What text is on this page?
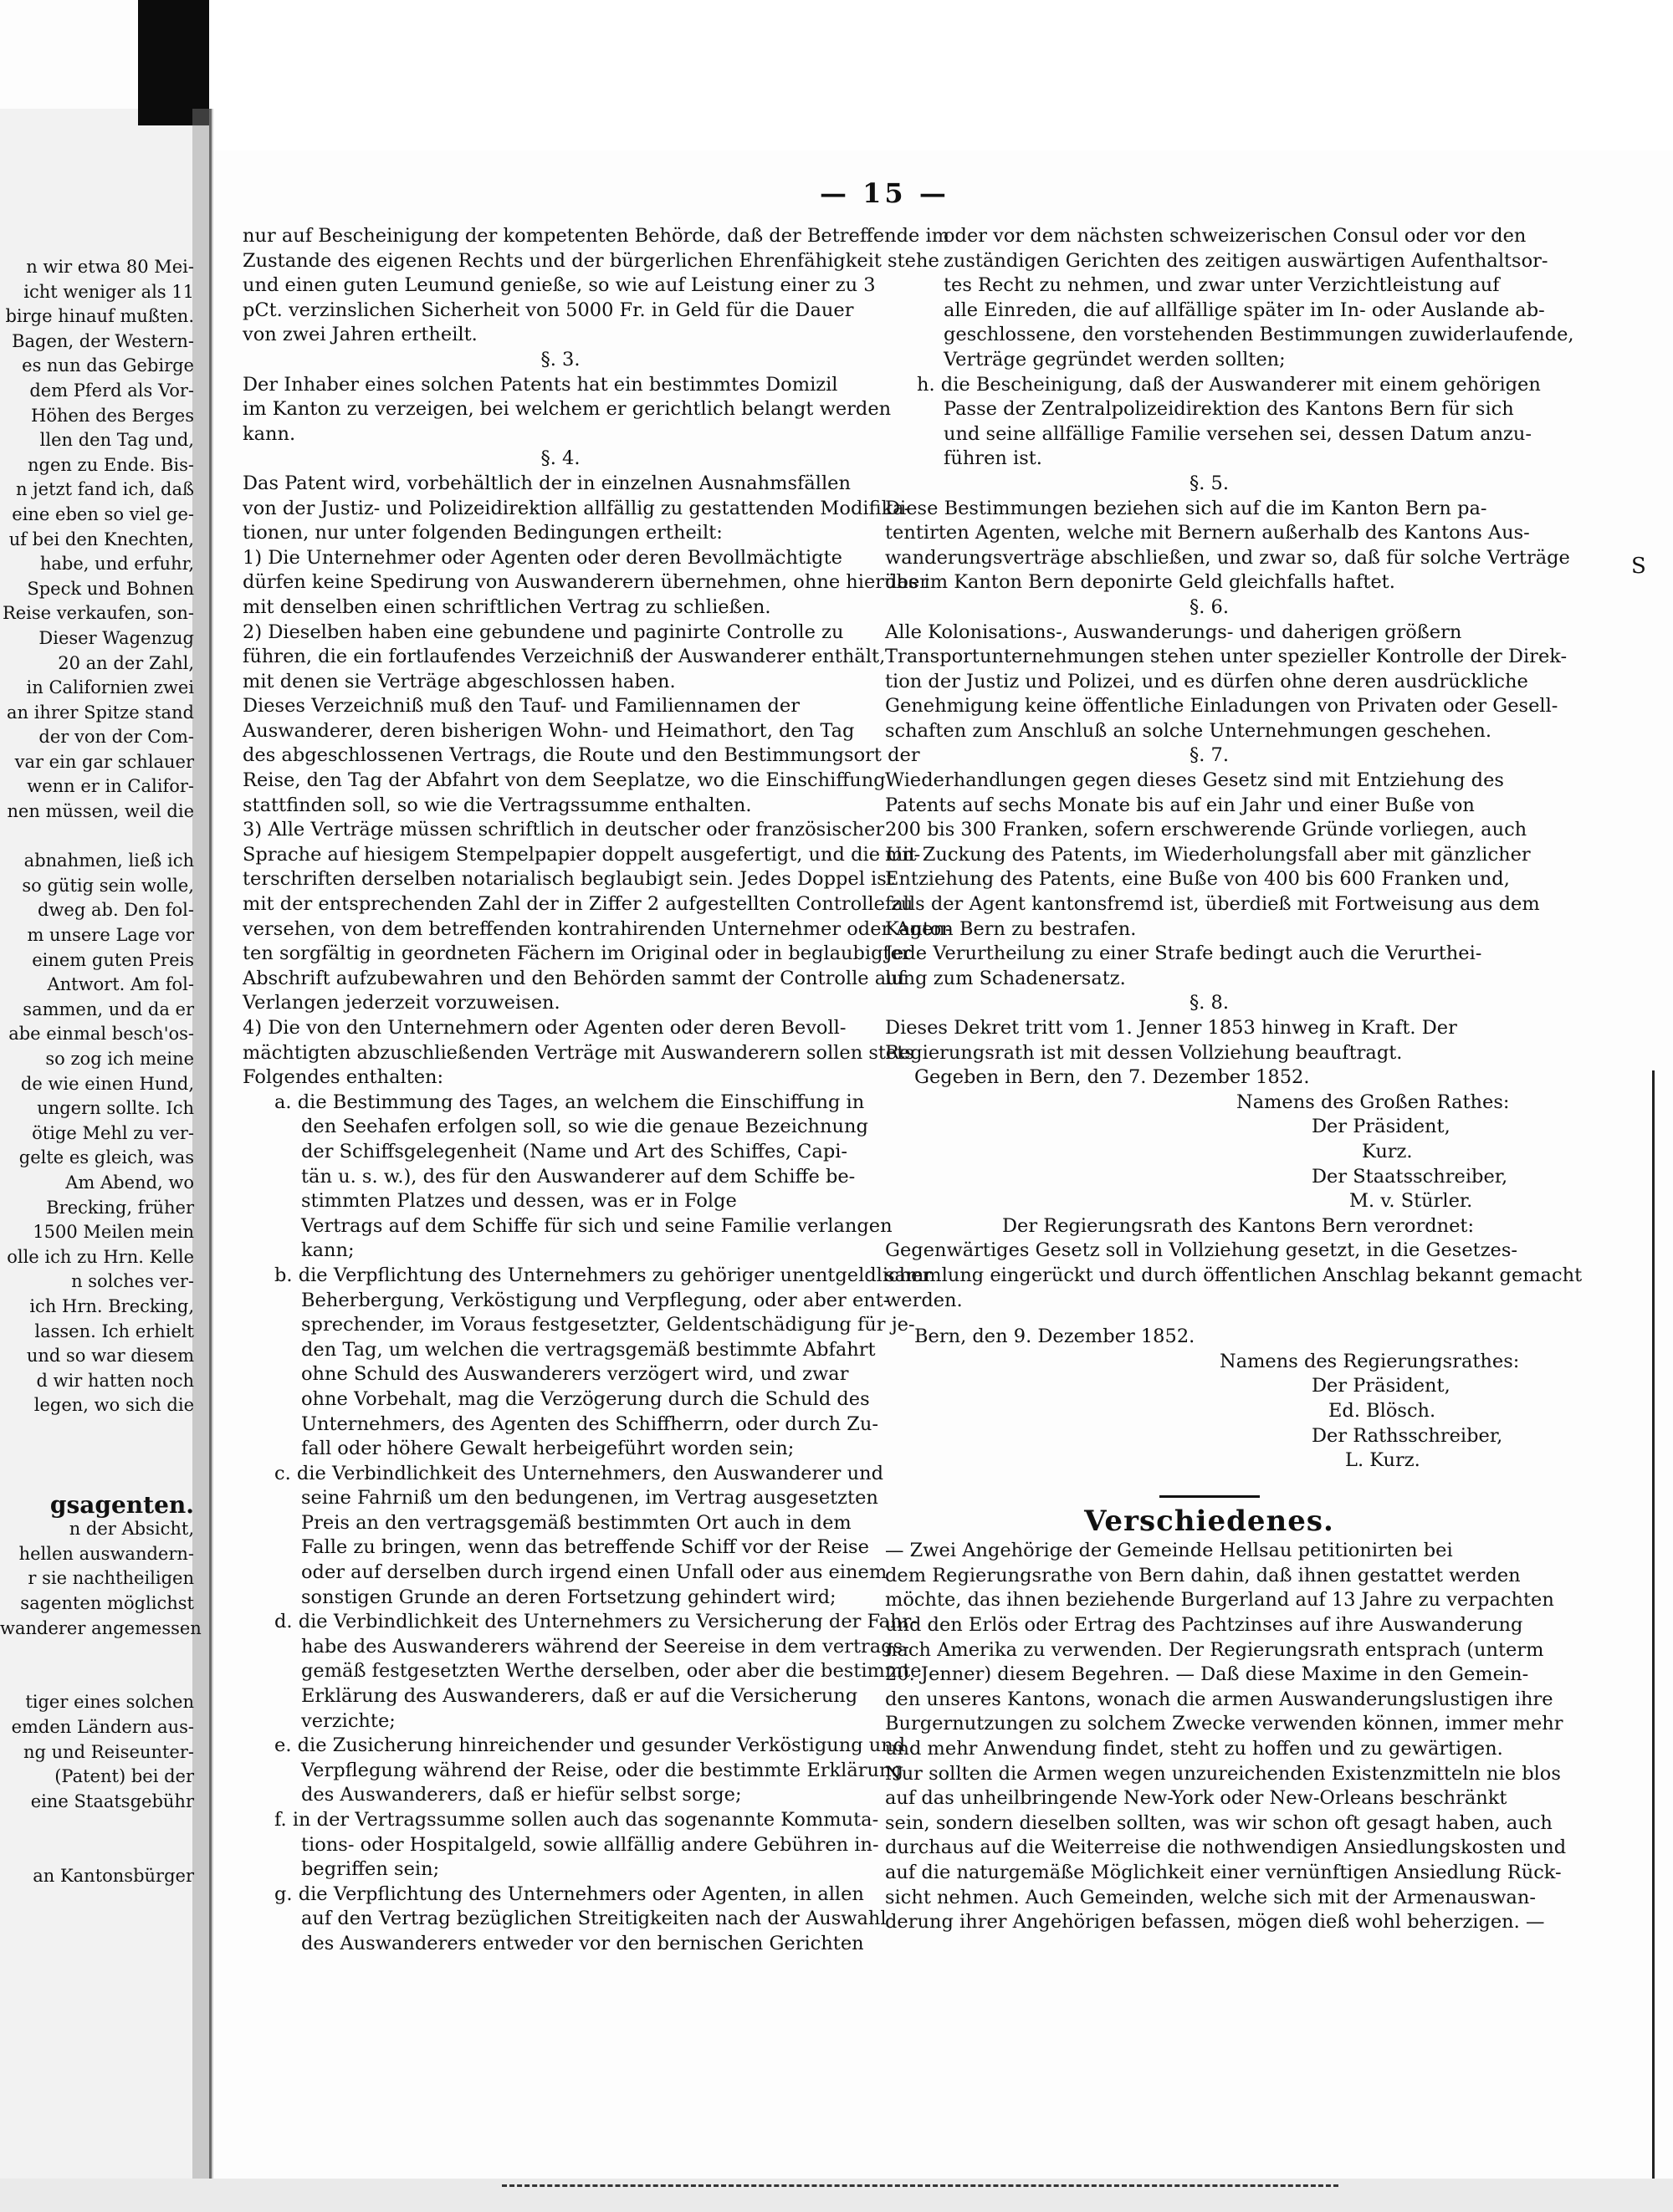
— 15 —
S
n wir etwa 80 Mei-
icht weniger als 11
birge hinauf mußten.
Bagen, der Western-
es nun das Gebirge
dem Pferd als Vor-
Höhen des Berges
llen den Tag und,
ngen zu Ende. Bis-
n jetzt fand ich, daß
eine eben so viel ge-
uf bei den Knechten,
habe, und erfuhr,
Speck und Bohnen
Reise verkaufen, son-
Dieser Wagenzug
20 an der Zahl,
in Californien zwei
an ihrer Spitze stand
der von der Com-
var ein gar schlauer
wenn er in Califor-
nen müssen, weil die

abnahmen, ließ ich
so gütig sein wolle,
dweg ab. Den fol-
m unsere Lage vor
einem guten Preis
Antwort. Am fol-
sammen, und da er
abe einmal besch'os-
so zog ich meine
de wie einen Hund,
ungern sollte. Ich
ötige Mehl zu ver-
gelte es gleich, was
Am Abend, wo
Brecking, früher
1500 Meilen mein
olle ich zu Hrn. Kelle
n solches ver-
ich Hrn. Brecking,
lassen. Ich erhielt
und so war diesem
d wir hatten noch
legen, wo sich die

gsagenten.
n der Absicht,
hellen auswandern-
r sie nachtheiligen
sagenten möglichst
wanderer angemessen

tiger eines solchen
emden Ländern aus-
ng und Reiseunter-
(Patent) bei der
eine Staatsgebühr

an Kantonsbürger
nur auf Bescheinigung der kompetenten Behörde, daß der Betreffende im
Zustande des eigenen Rechts und der bürgerlichen Ehrenfähigkeit stehe
und einen guten Leumund genieße, so wie auf Leistung einer zu 3
pCt. verzinslichen Sicherheit von 5000 Fr. in Geld für die Dauer
von zwei Jahren ertheilt.
§. 3.
Der Inhaber eines solchen Patents hat ein bestimmtes Domizil
im Kanton zu verzeigen, bei welchem er gerichtlich belangt werden
kann.
§. 4.
Das Patent wird, vorbehältlich der in einzelnen Ausnahmsfällen
von der Justiz- und Polizeidirektion allfällig zu gestattenden Modifika-
tionen, nur unter folgenden Bedingungen ertheilt:
1) Die Unternehmer oder Agenten oder deren Bevollmächtigte
dürfen keine Spedirung von Auswanderern übernehmen, ohne hierüber
mit denselben einen schriftlichen Vertrag zu schließen.
2) Dieselben haben eine gebundene und paginirte Controlle zu
führen, die ein fortlaufendes Verzeichniß der Auswanderer enthält,
mit denen sie Verträge abgeschlossen haben.
Dieses Verzeichniß muß den Tauf- und Familiennamen der
Auswanderer, deren bisherigen Wohn- und Heimathort, den Tag
des abgeschlossenen Vertrags, die Route und den Bestimmungsort der
Reise, den Tag der Abfahrt von dem Seeplatze, wo die Einschiffung
stattfinden soll, so wie die Vertragssumme enthalten.
3) Alle Verträge müssen schriftlich in deutscher oder französischer
Sprache auf hiesigem Stempelpapier doppelt ausgefertigt, und die Un-
terschriften derselben notarialisch beglaubigt sein. Jedes Doppel ist
mit der entsprechenden Zahl der in Ziffer 2 aufgestellten Controlle zu
versehen, von dem betreffenden kontrahirenden Unternehmer oder Agen-
ten sorgfältig in geordneten Fächern im Original oder in beglaubigter
Abschrift aufzubewahren und den Behörden sammt der Controlle auf
Verlangen jederzeit vorzuweisen.
4) Die von den Unternehmern oder Agenten oder deren Bevoll-
mächtigten abzuschließenden Verträge mit Auswanderern sollen stets
Folgendes enthalten:
a. die Bestimmung des Tages, an welchem die Einschiffung in
den Seehafen erfolgen soll, so wie die genaue Bezeichnung
der Schiffsgelegenheit (Name und Art des Schiffes, Capi-
tän u. s. w.), des für den Auswanderer auf dem Schiffe be-
stimmten Platzes und dessen, was er in Folge
Vertrags auf dem Schiffe für sich und seine Familie verlangen
kann;
b. die Verpflichtung des Unternehmers zu gehöriger unentgeldlicher
Beherbergung, Verköstigung und Verpflegung, oder aber ent-
sprechender, im Voraus festgesetzter, Geldentschädigung für je-
den Tag, um welchen die vertragsgemäß bestimmte Abfahrt
ohne Schuld des Auswanderers verzögert wird, und zwar
ohne Vorbehalt, mag die Verzögerung durch die Schuld des
Unternehmers, des Agenten des Schiffherrn, oder durch Zu-
fall oder höhere Gewalt herbeigeführt worden sein;
c. die Verbindlichkeit des Unternehmers, den Auswanderer und
seine Fahrniß um den bedungenen, im Vertrag ausgesetzten
Preis an den vertragsgemäß bestimmten Ort auch in dem
Falle zu bringen, wenn das betreffende Schiff vor der Reise
oder auf derselben durch irgend einen Unfall oder aus einem
sonstigen Grunde an deren Fortsetzung gehindert wird;
d. die Verbindlichkeit des Unternehmers zu Versicherung der Fahr-
habe des Auswanderers während der Seereise in dem vertrags-
gemäß festgesetzten Werthe derselben, oder aber die bestimmte
Erklärung des Auswanderers, daß er auf die Versicherung
verzichte;
e. die Zusicherung hinreichender und gesunder Verköstigung und
Verpflegung während der Reise, oder die bestimmte Erklärung
des Auswanderers, daß er hiefür selbst sorge;
f. in der Vertragssumme sollen auch das sogenannte Kommuta-
tions- oder Hospitalgeld, sowie allfällig andere Gebühren in-
begriffen sein;
g. die Verpflichtung des Unternehmers oder Agenten, in allen
auf den Vertrag bezüglichen Streitigkeiten nach der Auswahl
des Auswanderers entweder vor den bernischen Gerichten
oder vor dem nächsten schweizerischen Consul oder vor den
zuständigen Gerichten des zeitigen auswärtigen Aufenthaltsor-
tes Recht zu nehmen, und zwar unter Verzichtleistung auf
alle Einreden, die auf allfällige später im In- oder Auslande ab-
geschlossene, den vorstehenden Bestimmungen zuwiderlaufende,
Verträge gegründet werden sollten;
h. die Bescheinigung, daß der Auswanderer mit einem gehörigen
Passe der Zentralpolizeidirektion des Kantons Bern für sich
und seine allfällige Familie versehen sei, dessen Datum anzu-
führen ist.
§. 5.
Diese Bestimmungen beziehen sich auf die im Kanton Bern pa-
tentirten Agenten, welche mit Bernern außerhalb des Kantons Aus-
wanderungsverträge abschließen, und zwar so, daß für solche Verträge
das im Kanton Bern deponirte Geld gleichfalls haftet.
§. 6.
Alle Kolonisations-, Auswanderungs- und daherigen größern
Transportunternehmungen stehen unter spezieller Kontrolle der Direk-
tion der Justiz und Polizei, und es dürfen ohne deren ausdrückliche
Genehmigung keine öffentliche Einladungen von Privaten oder Gesell-
schaften zum Anschluß an solche Unternehmungen geschehen.
§. 7.
Wiederhandlungen gegen dieses Gesetz sind mit Entziehung des
Patents auf sechs Monate bis auf ein Jahr und einer Buße von
200 bis 300 Franken, sofern erschwerende Gründe vorliegen, auch
mit Zuckung des Patents, im Wiederholungsfall aber mit gänzlicher
Entziehung des Patents, eine Buße von 400 bis 600 Franken und,
falls der Agent kantonsfremd ist, überdieß mit Fortweisung aus dem
Kanton Bern zu bestrafen.
Jede Verurtheilung zu einer Strafe bedingt auch die Verurthei-
lung zum Schadenersatz.
§. 8.
Dieses Dekret tritt vom 1. Jenner 1853 hinweg in Kraft. Der
Regierungsrath ist mit dessen Vollziehung beauftragt.
Gegeben in Bern, den 7. Dezember 1852.
Namens des Großen Rathes:
Der Präsident,
Kurz.
Der Staatsschreiber,
M. v. Stürler.
Der Regierungsrath des Kantons Bern verordnet:
Gegenwärtiges Gesetz soll in Vollziehung gesetzt, in die Gesetzes-
sammlung eingerückt und durch öffentlichen Anschlag bekannt gemacht
werden.
Bern, den 9. Dezember 1852.
Namens des Regierungsrathes:
Der Präsident,
Ed. Blösch.
Der Rathsschreiber,
L. Kurz.
Verschiedenes.
— Zwei Angehörige der Gemeinde Hellsau petitionirten bei
dem Regierungsrathe von Bern dahin, daß ihnen gestattet werden
möchte, das ihnen beziehende Burgerland auf 13 Jahre zu verpachten
und den Erlös oder Ertrag des Pachtzinses auf ihre Auswanderung
nach Amerika zu verwenden. Der Regierungsrath entsprach (unterm
20. Jenner) diesem Begehren. — Daß diese Maxime in den Gemein-
den unseres Kantons, wonach die armen Auswanderungslustigen ihre
Burgernutzungen zu solchem Zwecke verwenden können, immer mehr
und mehr Anwendung findet, steht zu hoffen und zu gewärtigen.
Nur sollten die Armen wegen unzureichenden Existenzmitteln nie blos
auf das unheilbringende New-York oder New-Orleans beschränkt
sein, sondern dieselben sollten, was wir schon oft gesagt haben, auch
durchaus auf die Weiterreise die nothwendigen Ansiedlungskosten und
auf die naturgemäße Möglichkeit einer vernünftigen Ansiedlung Rück-
sicht nehmen. Auch Gemeinden, welche sich mit der Armenauswan-
derung ihrer Angehörigen befassen, mögen dieß wohl beherzigen. —
